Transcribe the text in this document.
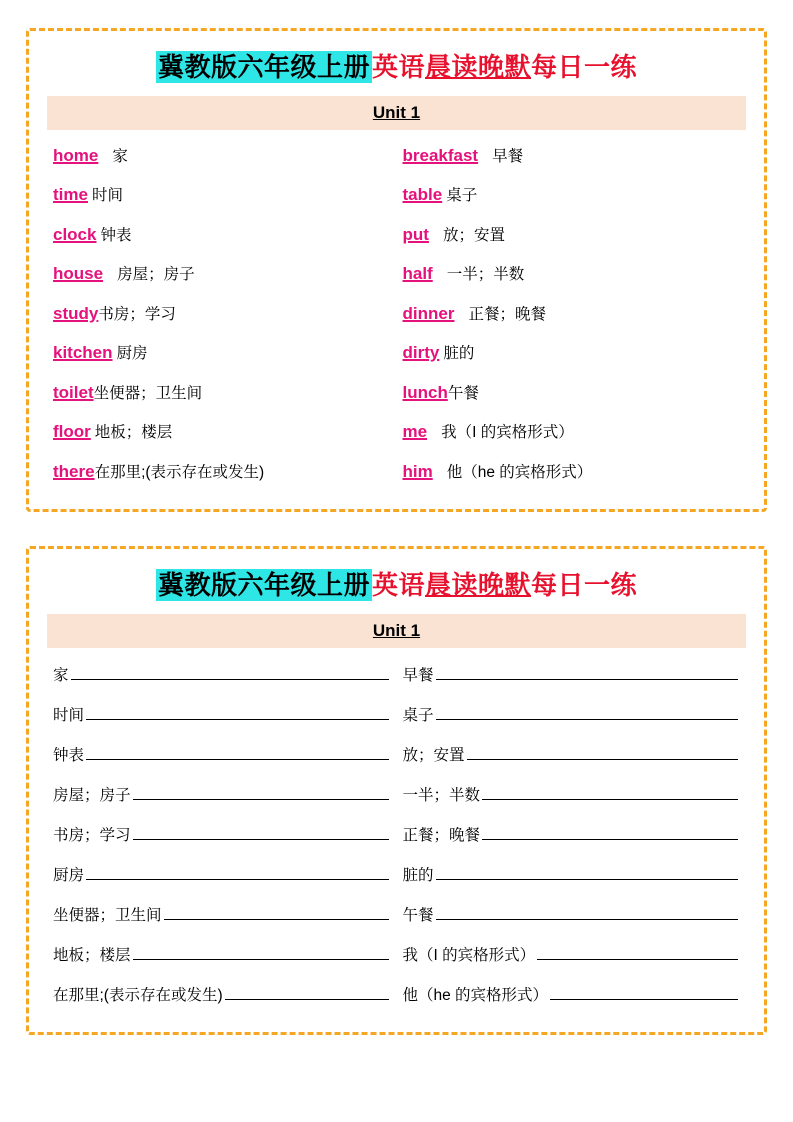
冀教版六年级上册英语晨读晚默每日一练
Unit 1
home 家	breakfast 早餐
time 时间	table 桌子
clock 钟表	put 放；安置
house 房屋；房子	half 一半；半数
study 书房；学习	dinner 正餐；晚餐
kitchen 厨房	dirty 脏的
toilet 坐便器；卫生间	lunch 午餐
floor 地板；楼层	me 我（I 的宾格形式）
there 在那里;(表示存在或发生)	him 他（he 的宾格形式）
冀教版六年级上册英语晨读晚默每日一练
Unit 1
家	早餐
时间	桌子
钟表	放；安置
房屋；房子	一半；半数
书房；学习	正餐；晚餐
厨房	脏的
坐便器；卫生间	午餐
地板；楼层	我（I 的宾格形式）
在那里;(表示存在或发生)	他（he 的宾格形式）
